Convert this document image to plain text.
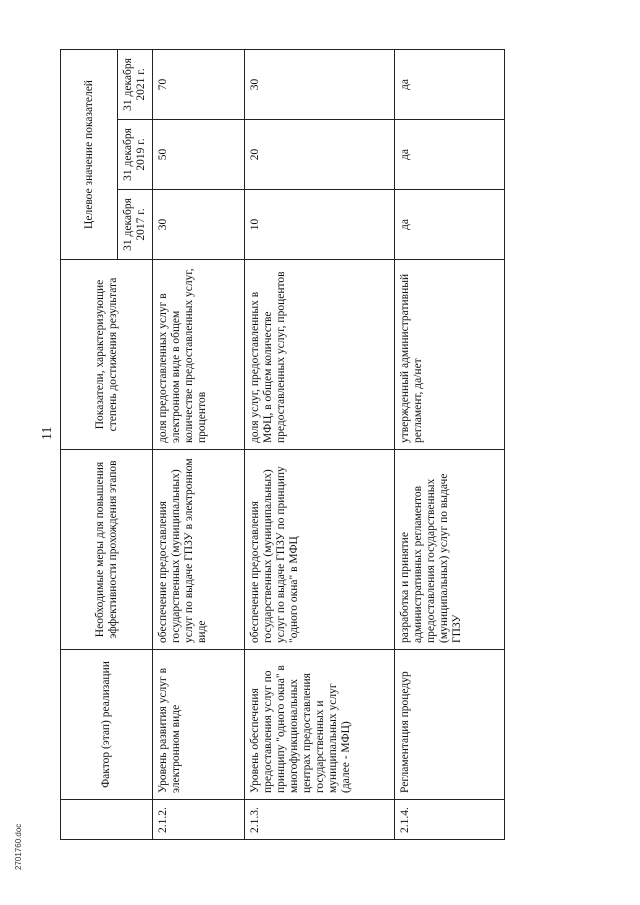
11
	Фактор (этап) реализации	Необходимые меры для повышения эффективности прохождения этапов	Показатели, характеризующие степень достижения результата	Целевое значение показателей		
				31 декабря 2017 г.	31 декабря 2019 г.	31 декабря 2021 г.
2.1.2.	Уровень развития услуг в электронном виде	обеспечение предоставления государственных (муниципальных) услуг по выдаче ГПЗУ в электронном виде	доля предоставленных услуг в электронном виде в общем количестве предоставленных услуг, процентов	30	50	70
2.1.3.	Уровень обеспечения предоставления услуг по принципу "одного окна" в многофункциональных центрах предоставления государственных и муниципальных услуг (далее - МФЦ)	обеспечение предоставления государственных (муниципальных) услуг по выдаче ГПЗУ по принципу "одного окна" в МФЦ	доля услуг, предоставленных в МФЦ, в общем количестве предоставленных услуг, процентов	10	20	30
2.1.4.	Регламентация процедур	разработка и принятие административных регламентов предоставления государственных (муниципальных) услуг по выдаче ГПЗУ	утвержденный административный регламент, да/нет	да	да	да
2701760.doc
